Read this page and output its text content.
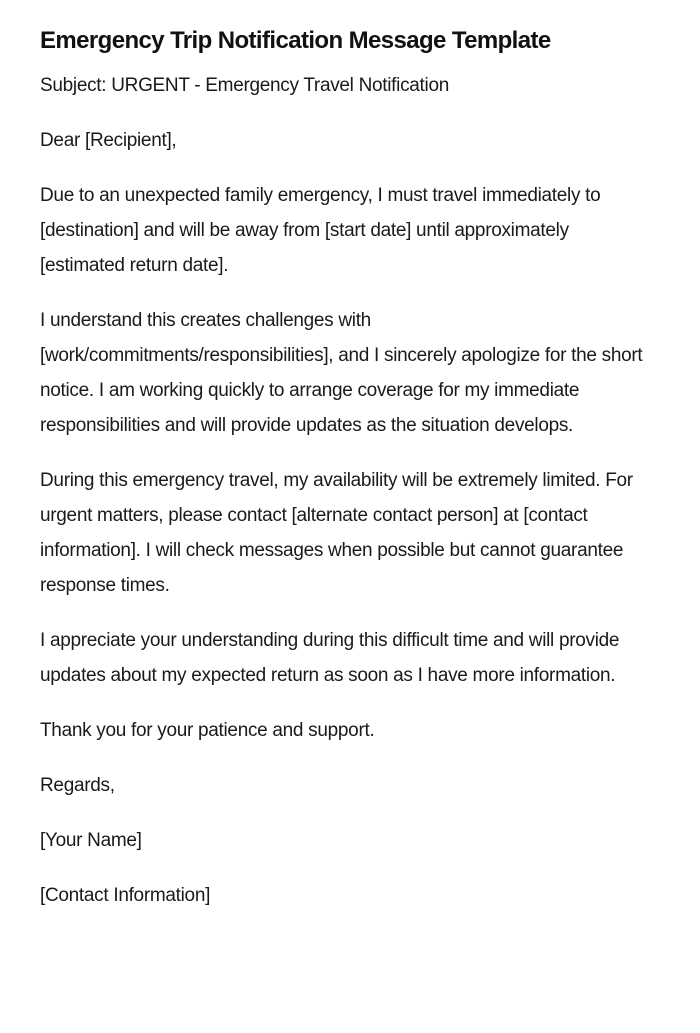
Emergency Trip Notification Message Template

Subject: URGENT - Emergency Travel Notification

Dear [Recipient],

Due to an unexpected family emergency, I must travel immediately to [destination] and will be away from [start date] until approximately [estimated return date].

I understand this creates challenges with [work/commitments/responsibilities], and I sincerely apologize for the short notice. I am working quickly to arrange coverage for my immediate responsibilities and will provide updates as the situation develops.

During this emergency travel, my availability will be extremely limited. For urgent matters, please contact [alternate contact person] at [contact information]. I will check messages when possible but cannot guarantee response times.

I appreciate your understanding during this difficult time and will provide updates about my expected return as soon as I have more information.

Thank you for your patience and support.

Regards,

[Your Name]

[Contact Information]
